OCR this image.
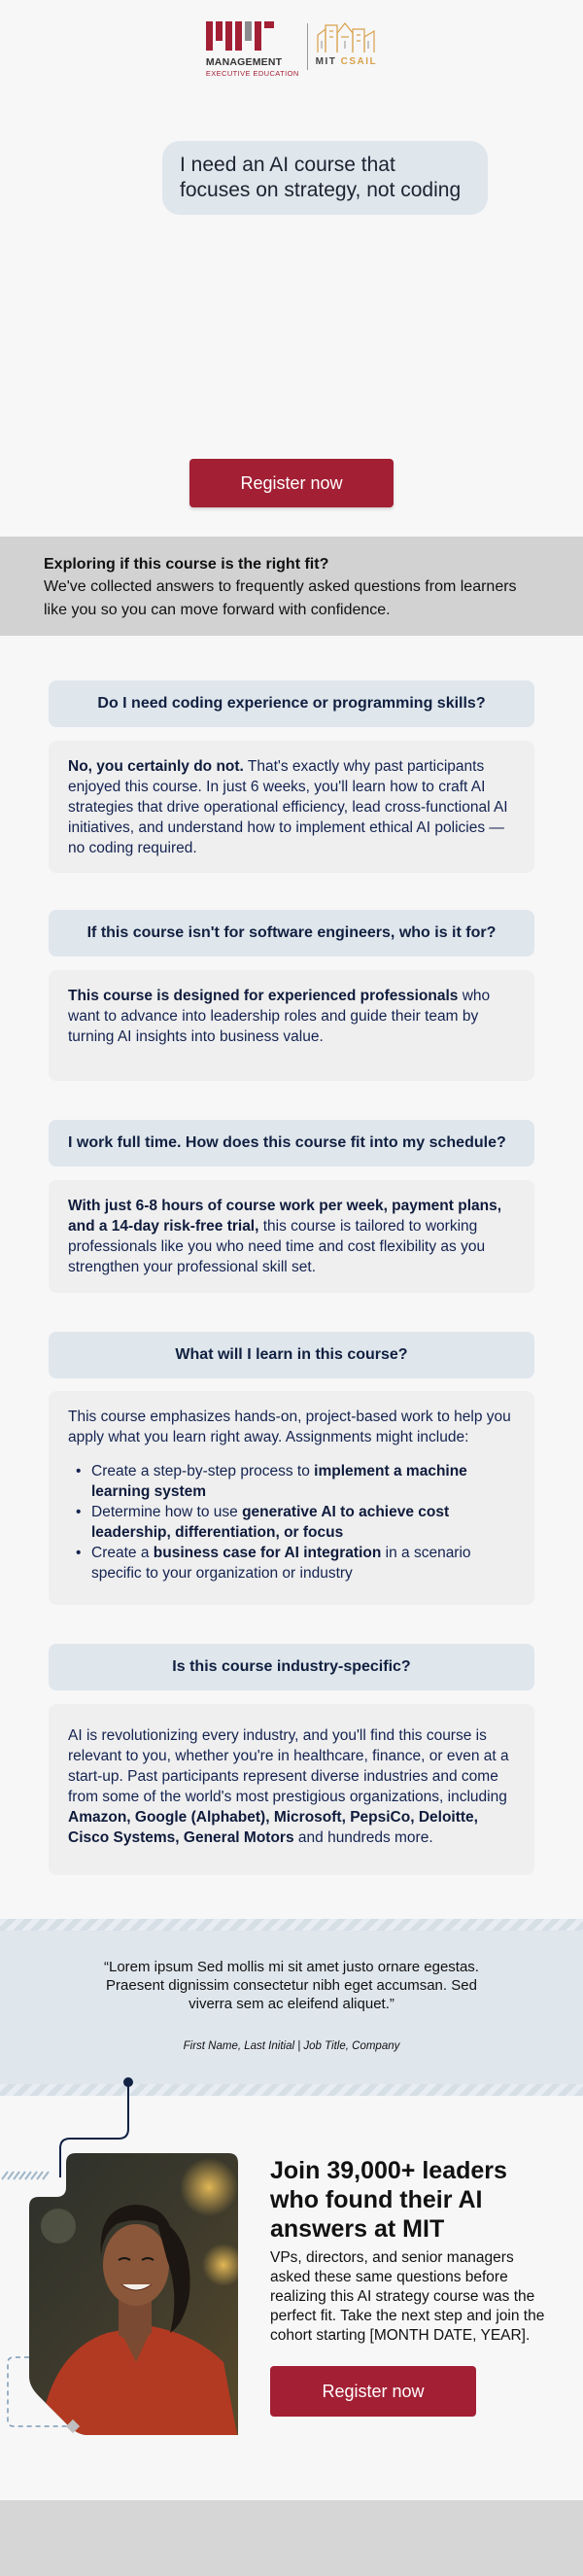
MANAGEMENT
EXECUTIVE EDUCATION
MIT CSAIL
I need an AI course that focuses on strategy, not coding
Register now
Exploring if this course is the right fit?
We've collected answers to frequently asked questions from learners like you so you can move forward with confidence.
Do I need coding experience or programming skills?
No, you certainly do not. That's exactly why past participants enjoyed this course. In just 6 weeks, you'll learn how to craft AI strategies that drive operational efficiency, lead cross-functional AI initiatives, and understand how to implement ethical AI policies — no coding required.
If this course isn't for software engineers, who is it for?
This course is designed for experienced professionals who want to advance into leadership roles and guide their team by turning AI insights into business value.
I work full time. How does this course fit into my schedule?
With just 6-8 hours of course work per week, payment plans, and a 14-day risk-free trial, this course is tailored to working professionals like you who need time and cost flexibility as you strengthen your professional skill set.
What will I learn in this course?
This course emphasizes hands-on, project-based work to help you apply what you learn right away. Assignments might include:
• Create a step-by-step process to implement a machine learning system
• Determine how to use generative AI to achieve cost leadership, differentiation, or focus
• Create a business case for AI integration in a scenario specific to your organization or industry
Is this course industry-specific?
AI is revolutionizing every industry, and you'll find this course is relevant to you, whether you're in healthcare, finance, or even at a start-up. Past participants represent diverse industries and come from some of the world's most prestigious organizations, including Amazon, Google (Alphabet), Microsoft, PepsiCo, Deloitte, Cisco Systems, General Motors and hundreds more.
“Lorem ipsum Sed mollis mi sit amet justo ornare egestas. Praesent dignissim consectetur nibh eget accumsan. Sed viverra sem ac eleifend aliquet.”
First Name, Last Initial | Job Title, Company
Join 39,000+ leaders who found their AI answers at MIT
VPs, directors, and senior managers asked these same questions before realizing this AI strategy course was the perfect fit. Take the next step and join the cohort starting [MONTH DATE, YEAR].
Register now
